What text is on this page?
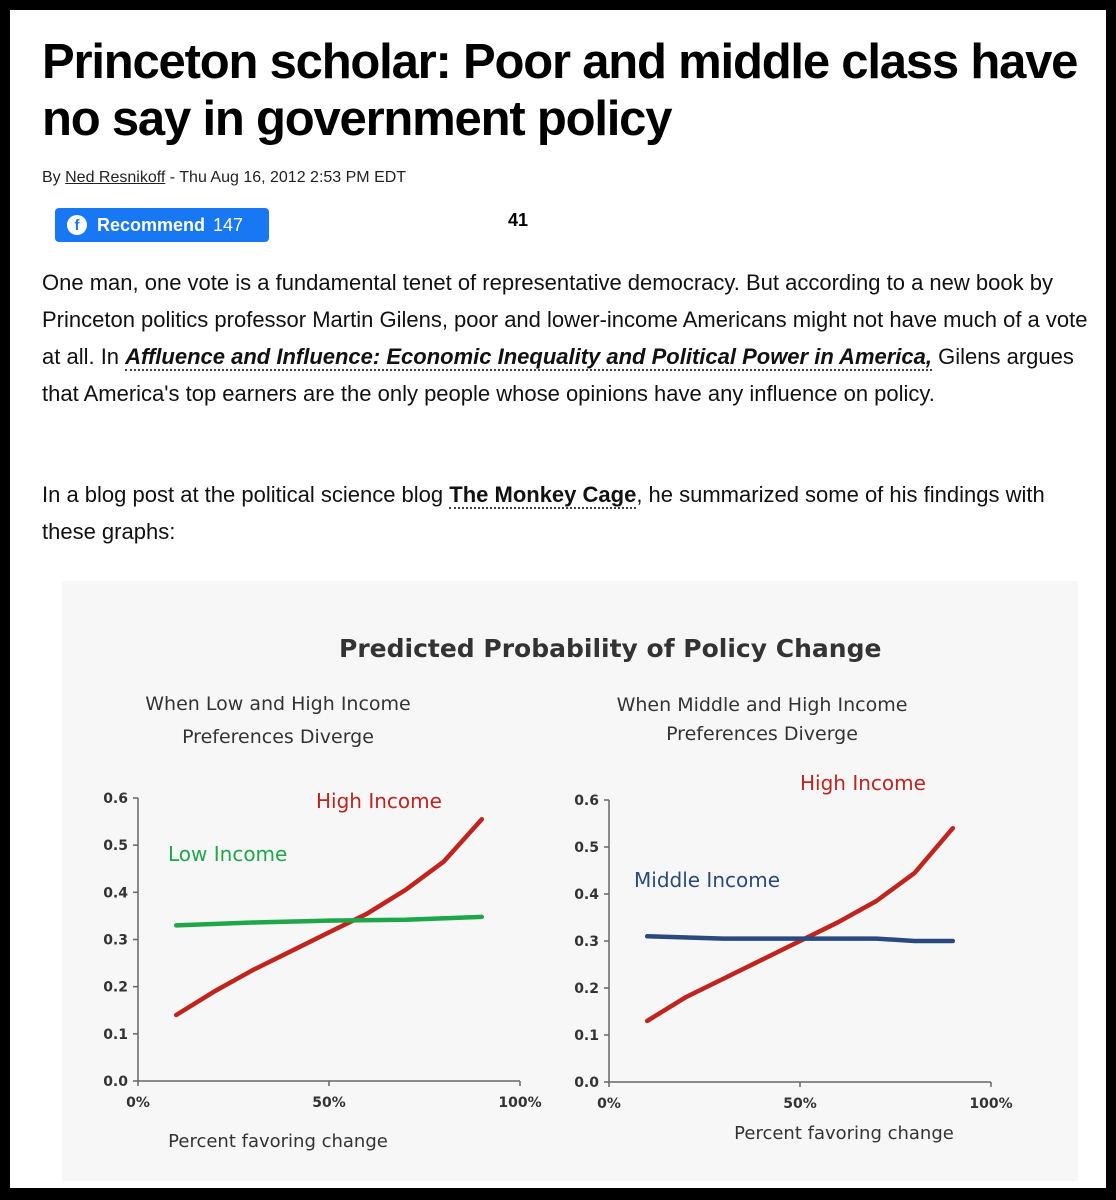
Princeton scholar: Poor and middle class have no say in government policy
By Ned Resnikoff - Thu Aug 16, 2012 2:53 PM EDT
f Recommend 147	41

One man, one vote is a fundamental tenet of representative democracy. But according to a new book by Princeton politics professor Martin Gilens, poor and lower-income Americans might not have much of a vote at all. In Affluence and Influence: Economic Inequality and Political Power in America, Gilens argues that America's top earners are the only people whose opinions have any influence on policy.

In a blog post at the political science blog The Monkey Cage, he summarized some of his findings with these graphs:

Predicted Probability of Policy Change
When Low and High Income
Preferences Diverge
0.0
0.1
0.2
0.3
0.4
0.5
0.6
0%	50%	100%
Percent favoring change
High Income
Low Income
When Middle and High Income
Preferences Diverge
0.0
0.1
0.2
0.3
0.4
0.5
0.6
0%	50%	100%
Percent favoring change
High Income
Middle Income
